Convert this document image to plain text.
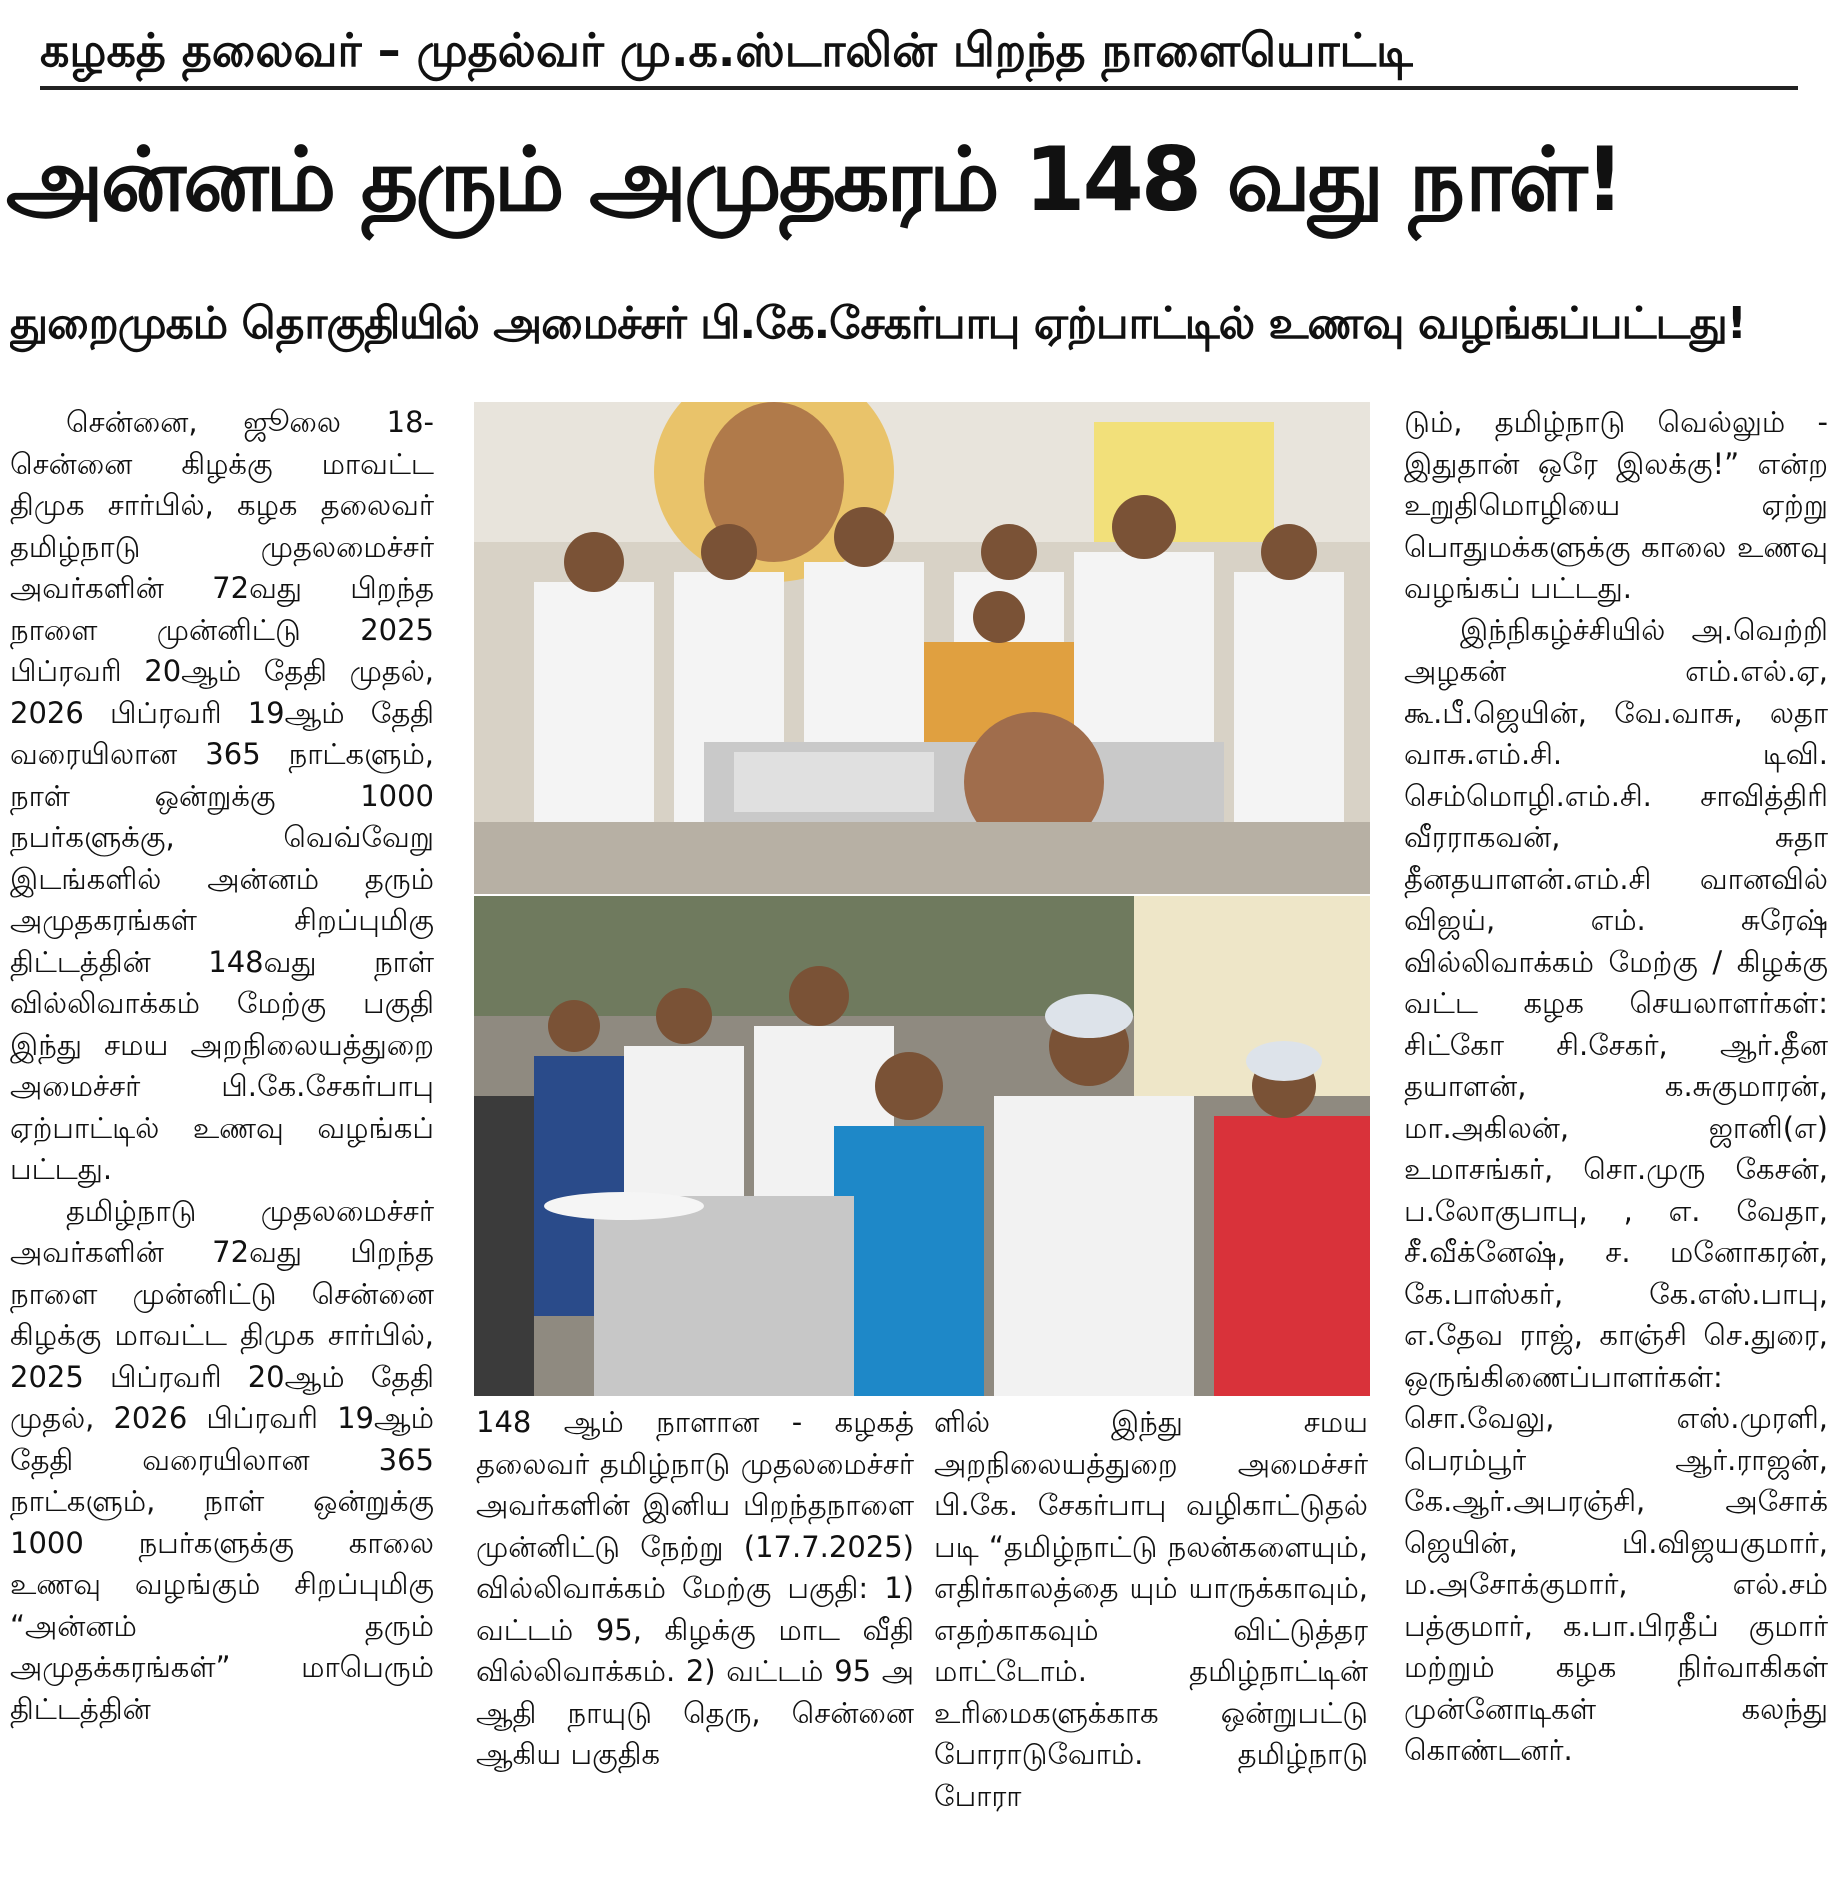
கழகத் தலைவர் – முதல்வர் மு.க.ஸ்டாலின் பிறந்த நாளையொட்டி
அன்னம் தரும் அமுதகரம் 148 வது நாள்!
துறைமுகம் தொகுதியில் அமைச்சர் பி.கே.சேகர்பாபு ஏற்பாட்டில் உணவு வழங்கப்பட்டது!

சென்னை, ஜூலை 18- சென்னை கிழக்கு மாவட்ட திமுக சார்பில், கழக தலைவர் தமிழ்நாடு முதலமைச்சர் அவர்களின் 72வது பிறந்த நாளை முன்னிட்டு 2025 பிப்ரவரி 20ஆம் தேதி முதல், 2026 பிப்ரவரி 19ஆம் தேதி வரையிலான 365 நாட்களும், நாள் ஒன்றுக்கு 1000 நபர்களுக்கு, வெவ்வேறு இடங்களில் அன்னம் தரும் அமுதகரங்கள் சிறப்புமிகு திட்டத்தின் 148வது நாள் வில்லிவாக்கம் மேற்கு பகுதி இந்து சமய அறநிலையத்துறை அமைச்சர் பி.கே.சேகர்பாபு ஏற்பாட்டில் உணவு வழங்கப் பட்டது.

தமிழ்நாடு முதலமைச்சர் அவர்களின் 72வது பிறந்த நாளை முன்னிட்டு சென்னை கிழக்கு மாவட்ட திமுக சார்பில், 2025 பிப்ரவரி 20ஆம் தேதி முதல், 2026 பிப்ரவரி 19ஆம் தேதி வரையிலான 365 நாட்களும், நாள் ஒன்றுக்கு 1000 நபர்களுக்கு காலை உணவு வழங்கும் சிறப்புமிகு “அன்னம் தரும் அமுதக்கரங்கள்” மாபெரும் திட்டத்தின்

148 ஆம் நாளான - கழகத் தலைவர் தமிழ்நாடு முதலமைச்சர் அவர்களின் இனிய பிறந்தநாளை முன்னிட்டு நேற்று (17.7.2025) வில்லிவாக்கம் மேற்கு பகுதி: 1) வட்டம் 95, கிழக்கு மாட வீதி வில்லிவாக்கம். 2) வட்டம் 95 அ ஆதி நாயுடு தெரு, சென்னை ஆகிய பகுதிக

ளில் இந்து சமய அறநிலையத்துறை அமைச்சர் பி.கே. சேகர்பாபு வழிகாட்டுதல் படி “தமிழ்நாட்டு நலன்களையும், எதிர்காலத்தை யும் யாருக்காவும், எதற்காகவும் விட்டுத்தர மாட்டோம். தமிழ்நாட்டின் உரிமைகளுக்காக ஒன்றுபட்டு போராடுவோம். தமிழ்நாடு போரா

டும், தமிழ்நாடு வெல்லும் - இதுதான் ஒரே இலக்கு!” என்ற உறுதிமொழியை ஏற்று பொதுமக்களுக்கு காலை உணவு வழங்கப் பட்டது.

இந்நிகழ்ச்சியில் அ.வெற்றி அழகன் எம்.எல்.ஏ, கூ.பீ.ஜெயின், வே.வாசு, லதா வாசு.எம்.சி. டிவி. செம்மொழி.எம்.சி. சாவித்திரி வீரராகவன், சுதா தீனதயாளன்.எம்.சி வானவில் விஜய், எம். சுரேஷ் வில்லிவாக்கம் மேற்கு / கிழக்கு வட்ட கழக செயலாளர்கள்: சிட்கோ சி.சேகர், ஆர்.தீன தயாளன், க.சுகுமாரன், மா.அகிலன், ஜானி(எ) உமாசங்கர், சொ.முரு கேசன், ப.லோகுபாபு, , எ. வேதா, சீ.வீக்னேஷ், ச. மனோகரன், கே.பாஸ்கர், கே.எஸ்.பாபு, எ.தேவ ராஜ், காஞ்சி செ.துரை, ஒருங்கிணைப்பாளர்கள்: சொ.வேலு, எஸ்.முரளி, பெரம்பூர் ஆர்.ராஜன், கே.ஆர்.அபரஞ்சி, அசோக் ஜெயின், பி.விஜயகுமார், ம.அசோக்குமார், எல்.சம் பத்குமார், க.பா.பிரதீப் குமார் மற்றும் கழக நிர்வாகிகள் முன்னோடிகள் கலந்து கொண்டனர்.
